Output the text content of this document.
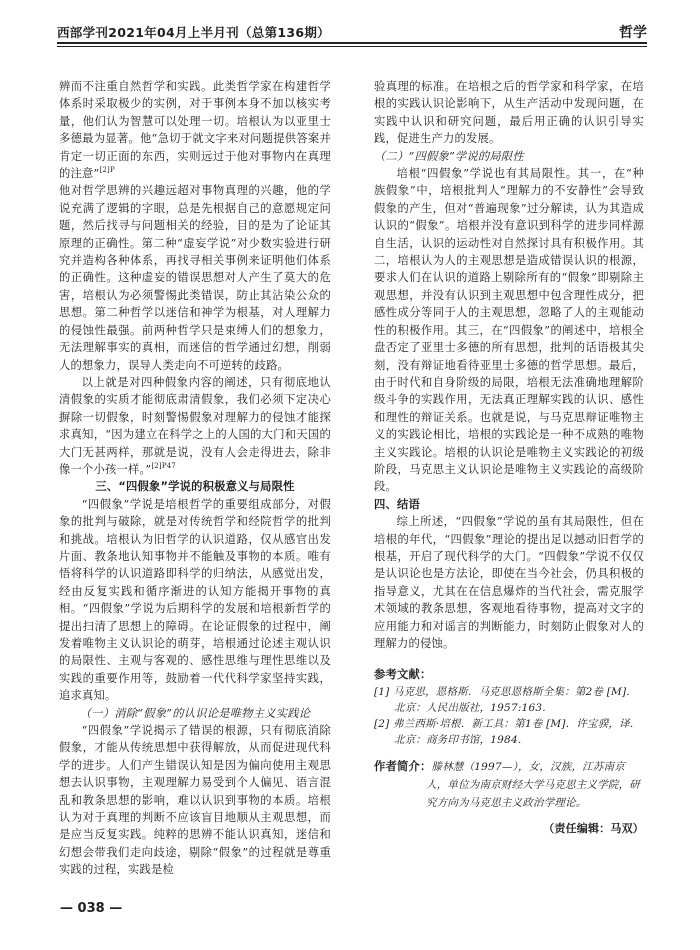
西部学刊2021年04月上半月刊（总第136期）	哲学

辨而不注重自然哲学和实践。此类哲学家在构建哲学体系时采取极少的实例，对于事例本身不加以核实考量，他们认为智慧可以处理一切。培根认为以亚里士多德最为显著。他“急切于就文字来对问题提供答案并肯定一切正面的东西，实则远过于他对事物内在真理的注意”$^{[2]P}$

他对哲学思辨的兴趣远超对事物真理的兴趣，他的学说充满了逻辑的字眼，总是先根据自己的意愿规定问题，然后找寻与问题相关的经验，目的是为了论证其原理的正确性。第二种“虚妄学说”对少数实验进行研究并造构各种体系，再找寻相关事例来证明他们体系的正确性。这种虚妄的错误思想对人产生了莫大的危害，培根认为必须警惕此类错误，防止其沾染公众的思想。第二种哲学以迷信和神学为根基，对人理解力的侵蚀性最强。前两种哲学只是束缚人们的想象力，无法理解事实的真相，而迷信的哲学通过幻想，削弱人的想象力，误导人类走向不可逆转的歧路。

以上就是对四种假象内容的阐述，只有彻底地认清假象的实质才能彻底肃清假象，我们必须下定决心摒除一切假象，时刻警惕假象对理解力的侵蚀才能探求真知，“因为建立在科学之上的人国的大门和天国的大门无甚两样，那就是说，没有人会走得进去，除非像一个小孩一样。”$^{[2]P47}$

三、“四假象”学说的积极意义与局限性

“四假象”学说是培根哲学的重要组成部分，对假象的批判与破除，就是对传统哲学和经院哲学的批判和挑战。培根认为旧哲学的认识道路，仅从感官出发片面、教条地认知事物并不能触及事物的本质。唯有悟将科学的认识道路即科学的归纳法，从感觉出发，经由反复实践和循序渐进的认知方能揭开事物的真相。“四假象”学说为后期科学的发展和培根新哲学的提出扫清了思想上的障碍。在论证假象的过程中，阐发着唯物主义认识论的萌芽，培根通过论述主观认识的局限性、主观与客观的、感性思维与理性思维以及实践的重要作用等，鼓励着一代代科学家坚持实践，追求真知。

（一）消除“假象”的认识论是唯物主义实践论

“四假象”学说揭示了错误的根源，只有彻底消除假象，才能从传统思想中获得解放，从而促进现代科学的进步。人们产生错误认知是因为偏向使用主观思想去认识事物，主观理解力易受到个人偏见、语言混乱和教条思想的影响，难以认识到事物的本质。培根认为对于真理的判断不应该盲目地顺从主观思想，而是应当反复实践。纯粹的思辨不能认识真知，迷信和幻想会带我们走向歧途，剔除“假象”的过程就是尊重实践的过程，实践是检

验真理的标准。在培根之后的哲学家和科学家，在培根的实践认识论影响下，从生产活动中发现问题，在实践中认识和研究问题，最后用正确的认识引导实践，促进生产力的发展。

（二）“四假象”学说的局限性

培根“四假象”学说也有其局限性。其一，在“种族假象”中，培根批判人“理解力的不安静性”会导致假象的产生，但对“普遍现象”过分解读，认为其造成认识的“假象”。培根并没有意识到科学的进步同样源自生活，认识的运动性对自然探讨具有积极作用。其二，培根认为人的主观思想是造成错误认识的根源，要求人们在认识的道路上剔除所有的“假象”即剔除主观思想，并没有认识到主观思想中包含理性成分，把感性成分等同于人的主观思想，忽略了人的主观能动性的积极作用。其三，在“四假象”的阐述中，培根全盘否定了亚里士多德的所有思想，批判的话语极其尖刻，没有辩证地看待亚里士多德的哲学思想。最后，由于时代和自身阶级的局限，培根无法准确地理解阶级斗争的实践作用，无法真正理解实践的认识、感性和理性的辩证关系。也就是说，与马克思辩证唯物主义的实践论相比，培根的实践论是一种不成熟的唯物主义实践论。培根的认识论是唯物主义实践论的初级阶段，马克思主义认识论是唯物主义实践论的高级阶段。

四、结语

综上所述，“四假象”学说的虽有其局限性，但在培根的年代，“四假象”理论的提出足以撼动旧哲学的根基，开启了现代科学的大门。“四假象”学说不仅仅是认识论也是方法论，即使在当今社会，仍具积极的指导意义，尤其在在信息爆炸的当代社会，需克服学术领域的教条思想，客观地看待事物，提高对文字的应用能力和对谣言的判断能力，时刻防止假象对人的理解力的侵蚀。

参考文献：
[1] 马克思，恩格斯．马克思恩格斯全集：第2卷 [M]．北京：人民出版社，1957:163.
[2] 弗兰西斯·培根．新工具：第1卷 [M]．许宝骙，译．北京：商务印书馆，1984.
作者简介：滕林慧（1997—），女，汉族，江苏南京人，单位为南京财经大学马克思主义学院，研究方向为马克思主义政治学理论。
（责任编辑：马双）
— 038 —
